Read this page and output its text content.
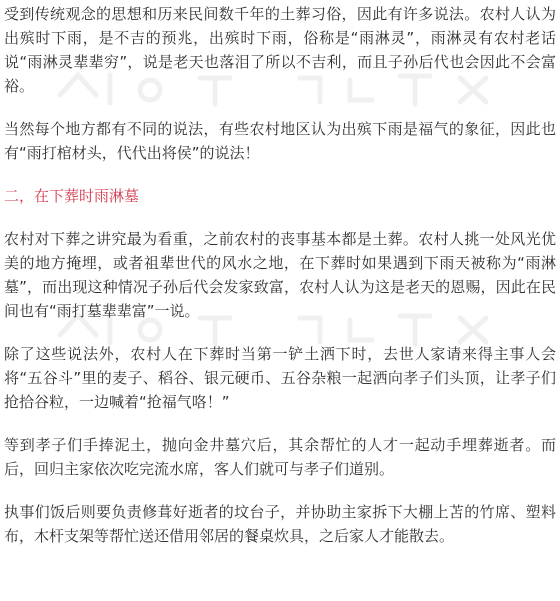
受到传统观念的思想和历来民间数千年的土葬习俗，因此有许多说法。农村人认为出殡时下雨，是不吉的预兆，出殡时下雨，俗称是“雨淋灵”，雨淋灵有农村老话说“雨淋灵辈辈穷”，说是老天也落泪了所以不吉利，而且子孙后代也会因此不会富裕。

当然每个地方都有不同的说法，有些农村地区认为出殡下雨是福气的象征，因此也有“雨打棺材头，代代出将侯”的说法！

二，在下葬时雨淋墓

农村对下葬之讲究最为看重，之前农村的丧事基本都是土葬。农村人挑一处风光优美的地方掩埋，或者祖辈世代的风水之地，在下葬时如果遇到下雨天被称为“雨淋墓”，而出现这种情况子孙后代会发家致富，农村人认为这是老天的恩赐，因此在民间也有“雨打墓辈辈富”一说。

除了这些说法外，农村人在下葬时当第一铲土洒下时，去世人家请来得主事人会将“五谷斗”里的麦子、稻谷、银元硬币、五谷杂粮一起洒向孝子们头顶，让孝子们抢拾谷粒，一边喊着“抢福气咯！”

等到孝子们手捧泥土，抛向金井墓穴后，其余帮忙的人才一起动手埋葬逝者。而后，回归主家依次吃完流水席，客人们就可与孝子们道别。

执事们饭后则要负责修葺好逝者的坟台子，并协助主家拆下大棚上苫的竹席、塑料布，木杆支架等帮忙送还借用邻居的餐桌炊具，之后家人才能散去。
